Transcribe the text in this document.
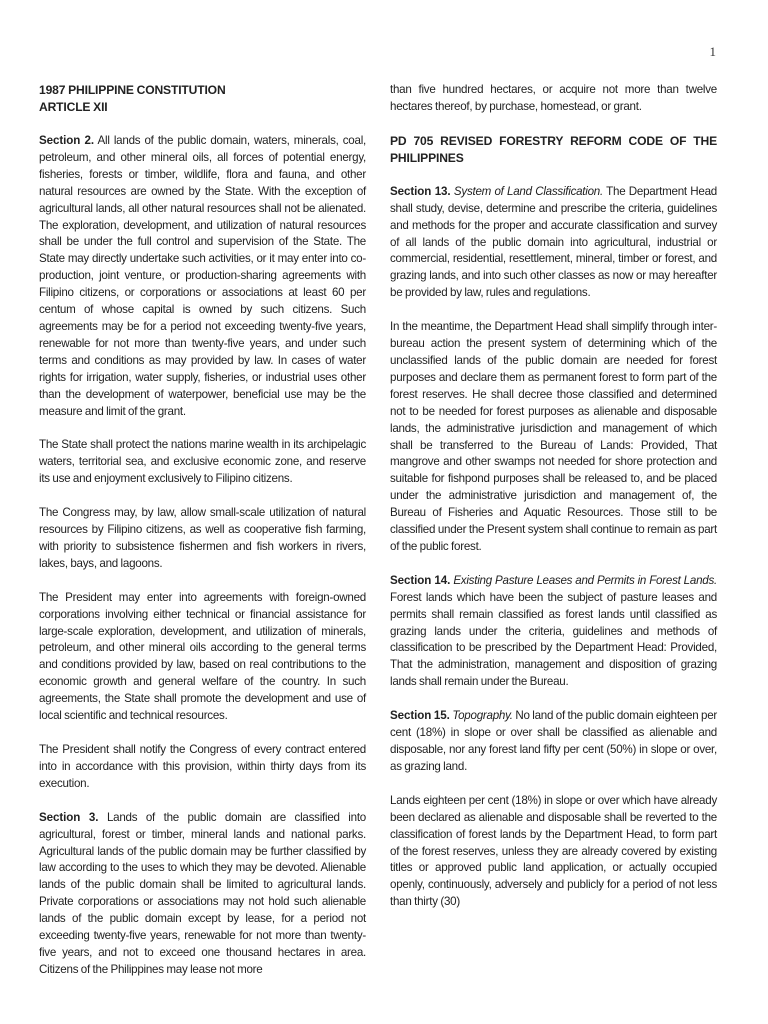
1
1987 PHILIPPINE CONSTITUTION
ARTICLE XII

Section 2. All lands of the public domain, waters, minerals, coal, petroleum, and other mineral oils, all forces of potential energy, fisheries, forests or timber, wildlife, flora and fauna, and other natural resources are owned by the State. With the exception of agricultural lands, all other natural resources shall not be alienated. The exploration, development, and utilization of natural resources shall be under the full control and supervision of the State. The State may directly undertake such activities, or it may enter into co-production, joint venture, or production-sharing agreements with Filipino citizens, or corporations or associations at least 60 per centum of whose capital is owned by such citizens. Such agreements may be for a period not exceeding twenty-five years, renewable for not more than twenty-five years, and under such terms and conditions as may provided by law. In cases of water rights for irrigation, water supply, fisheries, or industrial uses other than the development of waterpower, beneficial use may be the measure and limit of the grant.

The State shall protect the nations marine wealth in its archipelagic waters, territorial sea, and exclusive economic zone, and reserve its use and enjoyment exclusively to Filipino citizens.

The Congress may, by law, allow small-scale utilization of natural resources by Filipino citizens, as well as cooperative fish farming, with priority to subsistence fishermen and fish workers in rivers, lakes, bays, and lagoons.

The President may enter into agreements with foreign-owned corporations involving either technical or financial assistance for large-scale exploration, development, and utilization of minerals, petroleum, and other mineral oils according to the general terms and conditions provided by law, based on real contributions to the economic growth and general welfare of the country. In such agreements, the State shall promote the development and use of local scientific and technical resources.

The President shall notify the Congress of every contract entered into in accordance with this provision, within thirty days from its execution.

Section 3. Lands of the public domain are classified into agricultural, forest or timber, mineral lands and national parks. Agricultural lands of the public domain may be further classified by law according to the uses to which they may be devoted. Alienable lands of the public domain shall be limited to agricultural lands. Private corporations or associations may not hold such alienable lands of the public domain except by lease, for a period not exceeding twenty-five years, renewable for not more than twenty-five years, and not to exceed one thousand hectares in area. Citizens of the Philippines may lease not more

than five hundred hectares, or acquire not more than twelve hectares thereof, by purchase, homestead, or grant.

PD 705 REVISED FORESTRY REFORM CODE OF THE PHILIPPINES

Section 13. System of Land Classification. The Department Head shall study, devise, determine and prescribe the criteria, guidelines and methods for the proper and accurate classification and survey of all lands of the public domain into agricultural, industrial or commercial, residential, resettlement, mineral, timber or forest, and grazing lands, and into such other classes as now or may hereafter be provided by law, rules and regulations.

In the meantime, the Department Head shall simplify through inter-bureau action the present system of determining which of the unclassified lands of the public domain are needed for forest purposes and declare them as permanent forest to form part of the forest reserves. He shall decree those classified and determined not to be needed for forest purposes as alienable and disposable lands, the administrative jurisdiction and management of which shall be transferred to the Bureau of Lands: Provided, That mangrove and other swamps not needed for shore protection and suitable for fishpond purposes shall be released to, and be placed under the administrative jurisdiction and management of, the Bureau of Fisheries and Aquatic Resources. Those still to be classified under the Present system shall continue to remain as part of the public forest.

Section 14. Existing Pasture Leases and Permits in Forest Lands. Forest lands which have been the subject of pasture leases and permits shall remain classified as forest lands until classified as grazing lands under the criteria, guidelines and methods of classification to be prescribed by the Department Head: Provided, That the administration, management and disposition of grazing lands shall remain under the Bureau.

Section 15. Topography. No land of the public domain eighteen per cent (18%) in slope or over shall be classified as alienable and disposable, nor any forest land fifty per cent (50%) in slope or over, as grazing land.

Lands eighteen per cent (18%) in slope or over which have already been declared as alienable and disposable shall be reverted to the classification of forest lands by the Department Head, to form part of the forest reserves, unless they are already covered by existing titles or approved public land application, or actually occupied openly, continuously, adversely and publicly for a period of not less than thirty (30)
